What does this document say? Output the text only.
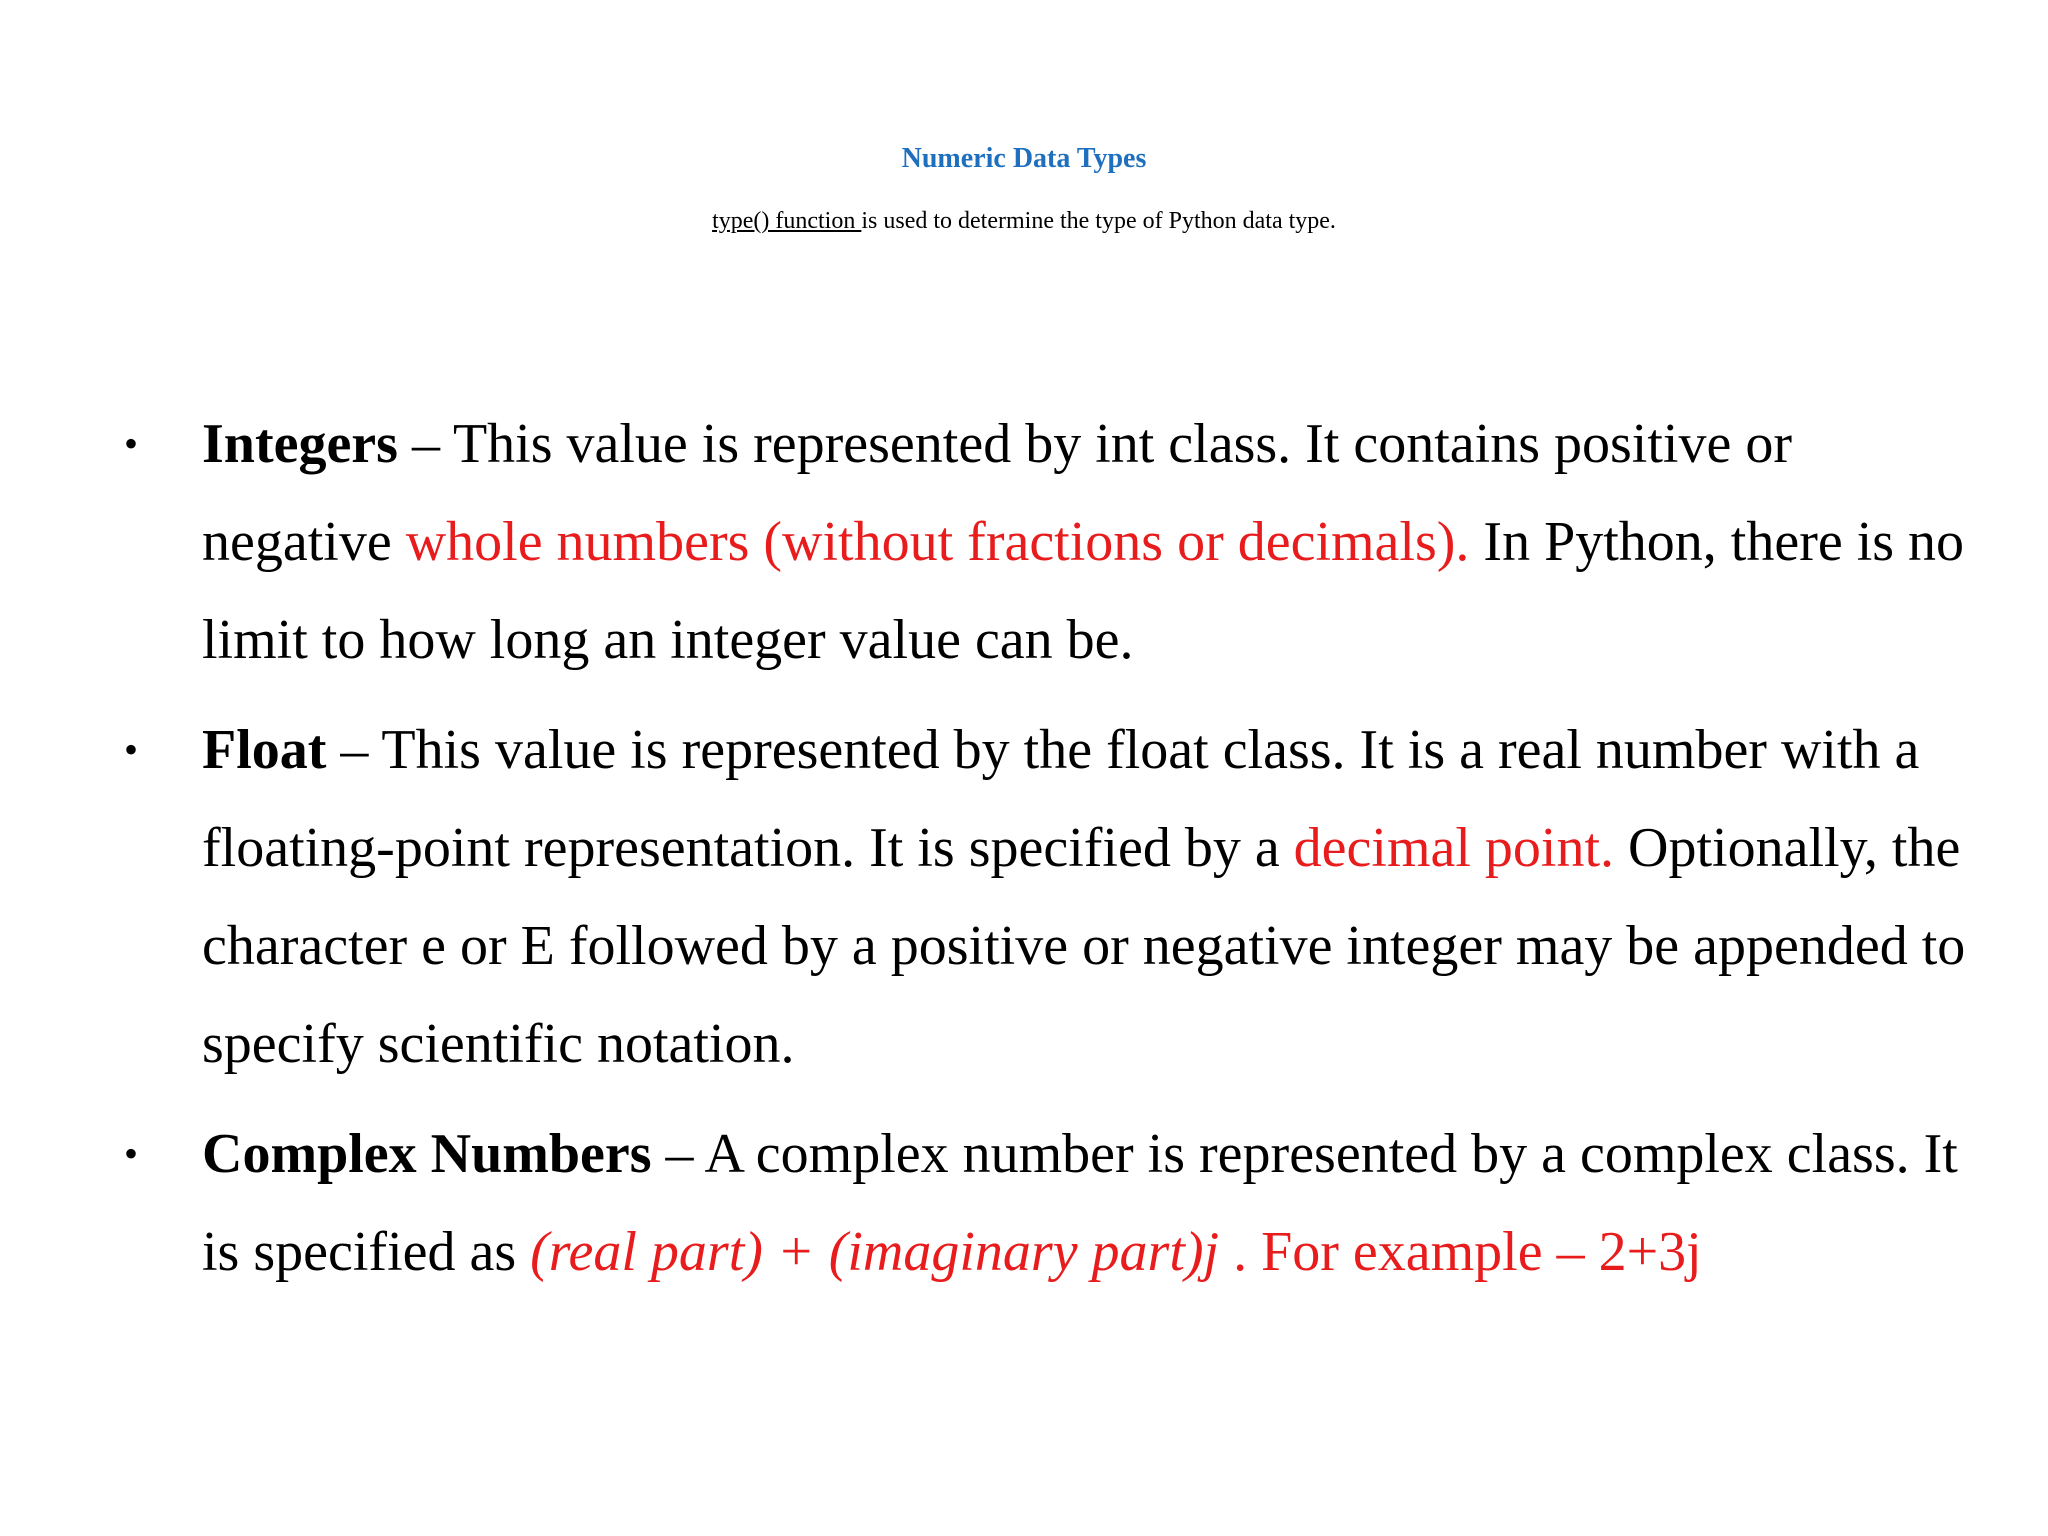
Numeric Data Types
type() function is used to determine the type of Python data type.
• Integers – This value is represented by int class. It contains positive or negative whole numbers (without fractions or decimals). In Python, there is no limit to how long an integer value can be.
• Float – This value is represented by the float class. It is a real number with a floating-point representation. It is specified by a decimal point. Optionally, the character e or E followed by a positive or negative integer may be appended to specify scientific notation.
• Complex Numbers – A complex number is represented by a complex class. It is specified as (real part) + (imaginary part)j . For example – 2+3j
